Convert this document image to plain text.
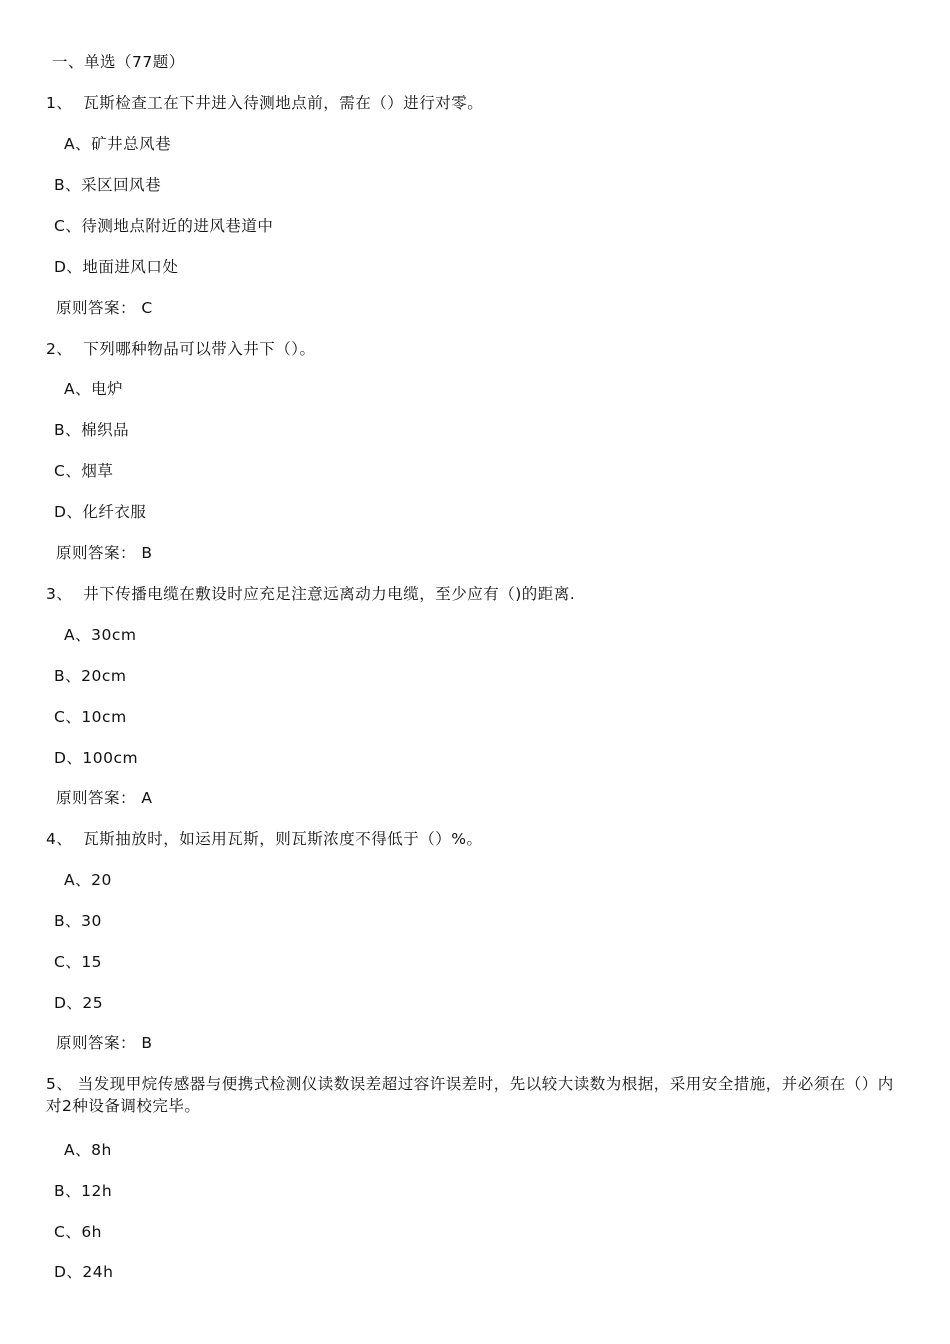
一、单选（77题）
1、  瓦斯检查工在下井进入待测地点前，需在（）进行对零。
A、矿井总风巷
B、采区回风巷
C、待测地点附近的进风巷道中
D、地面进风口处
原则答案： C
2、  下列哪种物品可以带入井下（）。
A、电炉
B、棉织品
C、烟草
D、化纤衣服
原则答案： B
3、  井下传播电缆在敷设时应充足注意远离动力电缆，至少应有（)的距离.
A、30cm
B、20cm
C、10cm
D、100cm
原则答案： A
4、  瓦斯抽放时，如运用瓦斯，则瓦斯浓度不得低于（）%。
A、20
B、30
C、15
D、25
原则答案： B
5、 当发现甲烷传感器与便携式检测仪读数误差超过容许误差时，先以较大读数为根据，采用安全措施，并必须在（）内对2种设备调校完毕。
A、8h
B、12h
C、6h
D、24h
